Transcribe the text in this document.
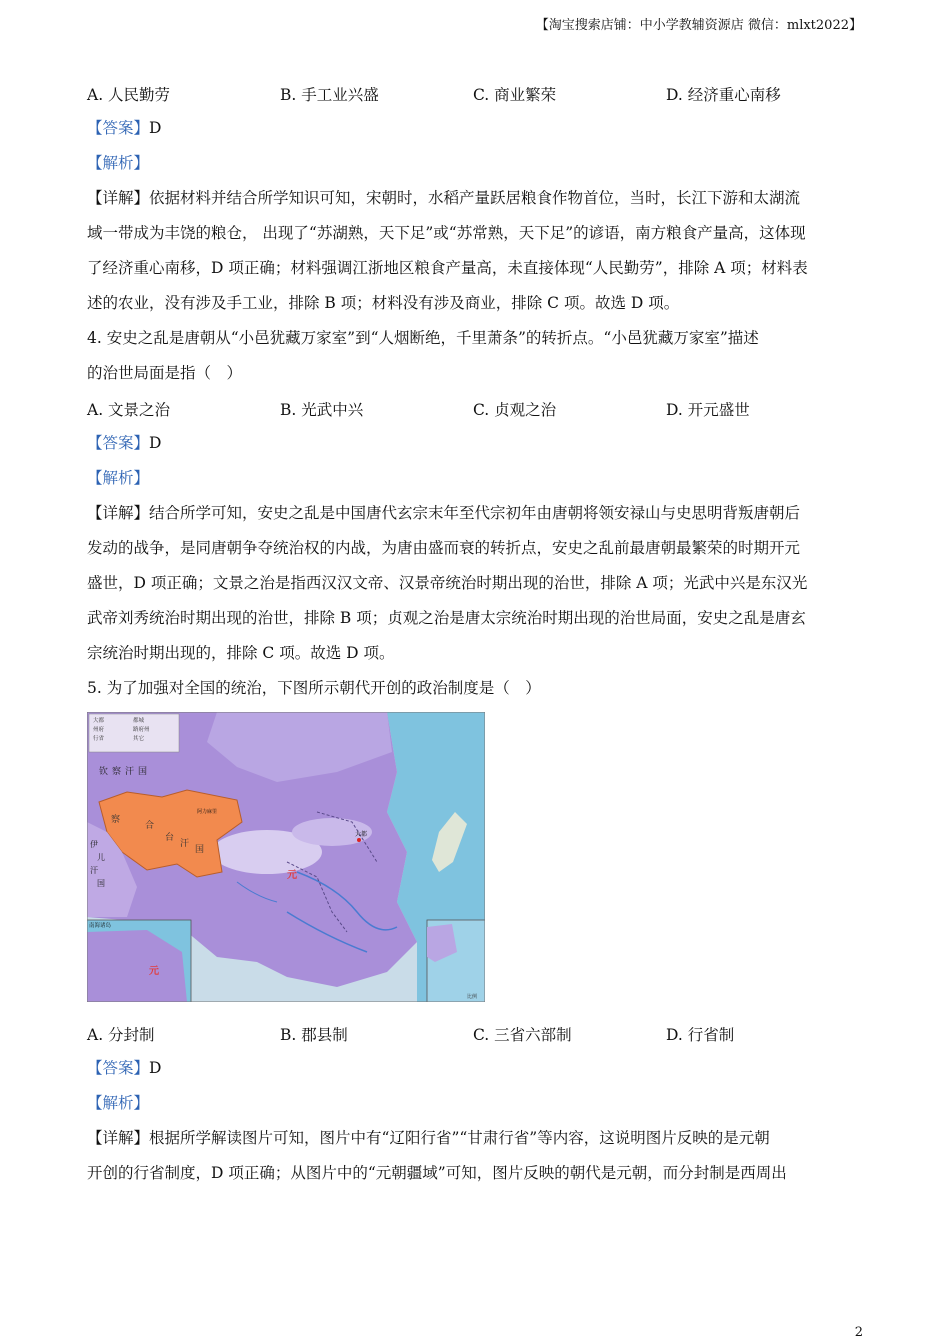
【淘宝搜索店铺：中小学教辅资源店 微信：mlxt2022】
A. 人民勤劳	B. 手工业兴盛	C. 商业繁荣	D. 经济重心南移
【答案】D
【解析】
【详解】依据材料并结合所学知识可知，宋朝时，水稻产量跃居粮食作物首位，当时，长江下游和太湖流
域一带成为丰饶的粮仓， 出现了“苏湖熟，天下足”或“苏常熟，天下足”的谚语，南方粮食产量高，这体现
了经济重心南移，D 项正确；材料强调江浙地区粮食产量高，未直接体现“人民勤劳”，排除 A 项；材料表
述的农业，没有涉及手工业，排除 B 项；材料没有涉及商业，排除 C 项。故选 D 项。
4. 安史之乱是唐朝从“小邑犹藏万家室”到“人烟断绝，千里萧条”的转折点。“小邑犹藏万家室”描述
的治世局面是指（　）
A. 文景之治	B. 光武中兴	C. 贞观之治	D. 开元盛世
【答案】D
【解析】
【详解】结合所学可知，安史之乱是中国唐代玄宗末年至代宗初年由唐朝将领安禄山与史思明背叛唐朝后
发动的战争，是同唐朝争夺统治权的内战，为唐由盛而衰的转折点，安史之乱前最唐朝最繁荣的时期开元
盛世，D 项正确；文景之治是指西汉汉文帝、汉景帝统治时期出现的治世，排除 A 项；光武中兴是东汉光
武帝刘秀统治时期出现的治世，排除 B 项；贞观之治是唐太宗统治时期出现的治世局面，安史之乱是唐玄
宗统治时期出现的，排除 C 项。故选 D 项。
5. 为了加强对全国的统治，下图所示朝代开创的政治制度是（　）
大都
州府
行省
都城
路府州
其它
钦察汗国
察
合
台
汗
国
伊
儿
汗
国
阿力麻里
元
大都
南海诸岛
元
比例
A. 分封制	B. 郡县制	C. 三省六部制	D. 行省制
【答案】D
【解析】
【详解】根据所学解读图片可知，图片中有“辽阳行省”“甘肃行省”等内容，这说明图片反映的是元朝
开创的行省制度，D 项正确；从图片中的“元朝疆域”可知，图片反映的朝代是元朝，而分封制是西周出
2
